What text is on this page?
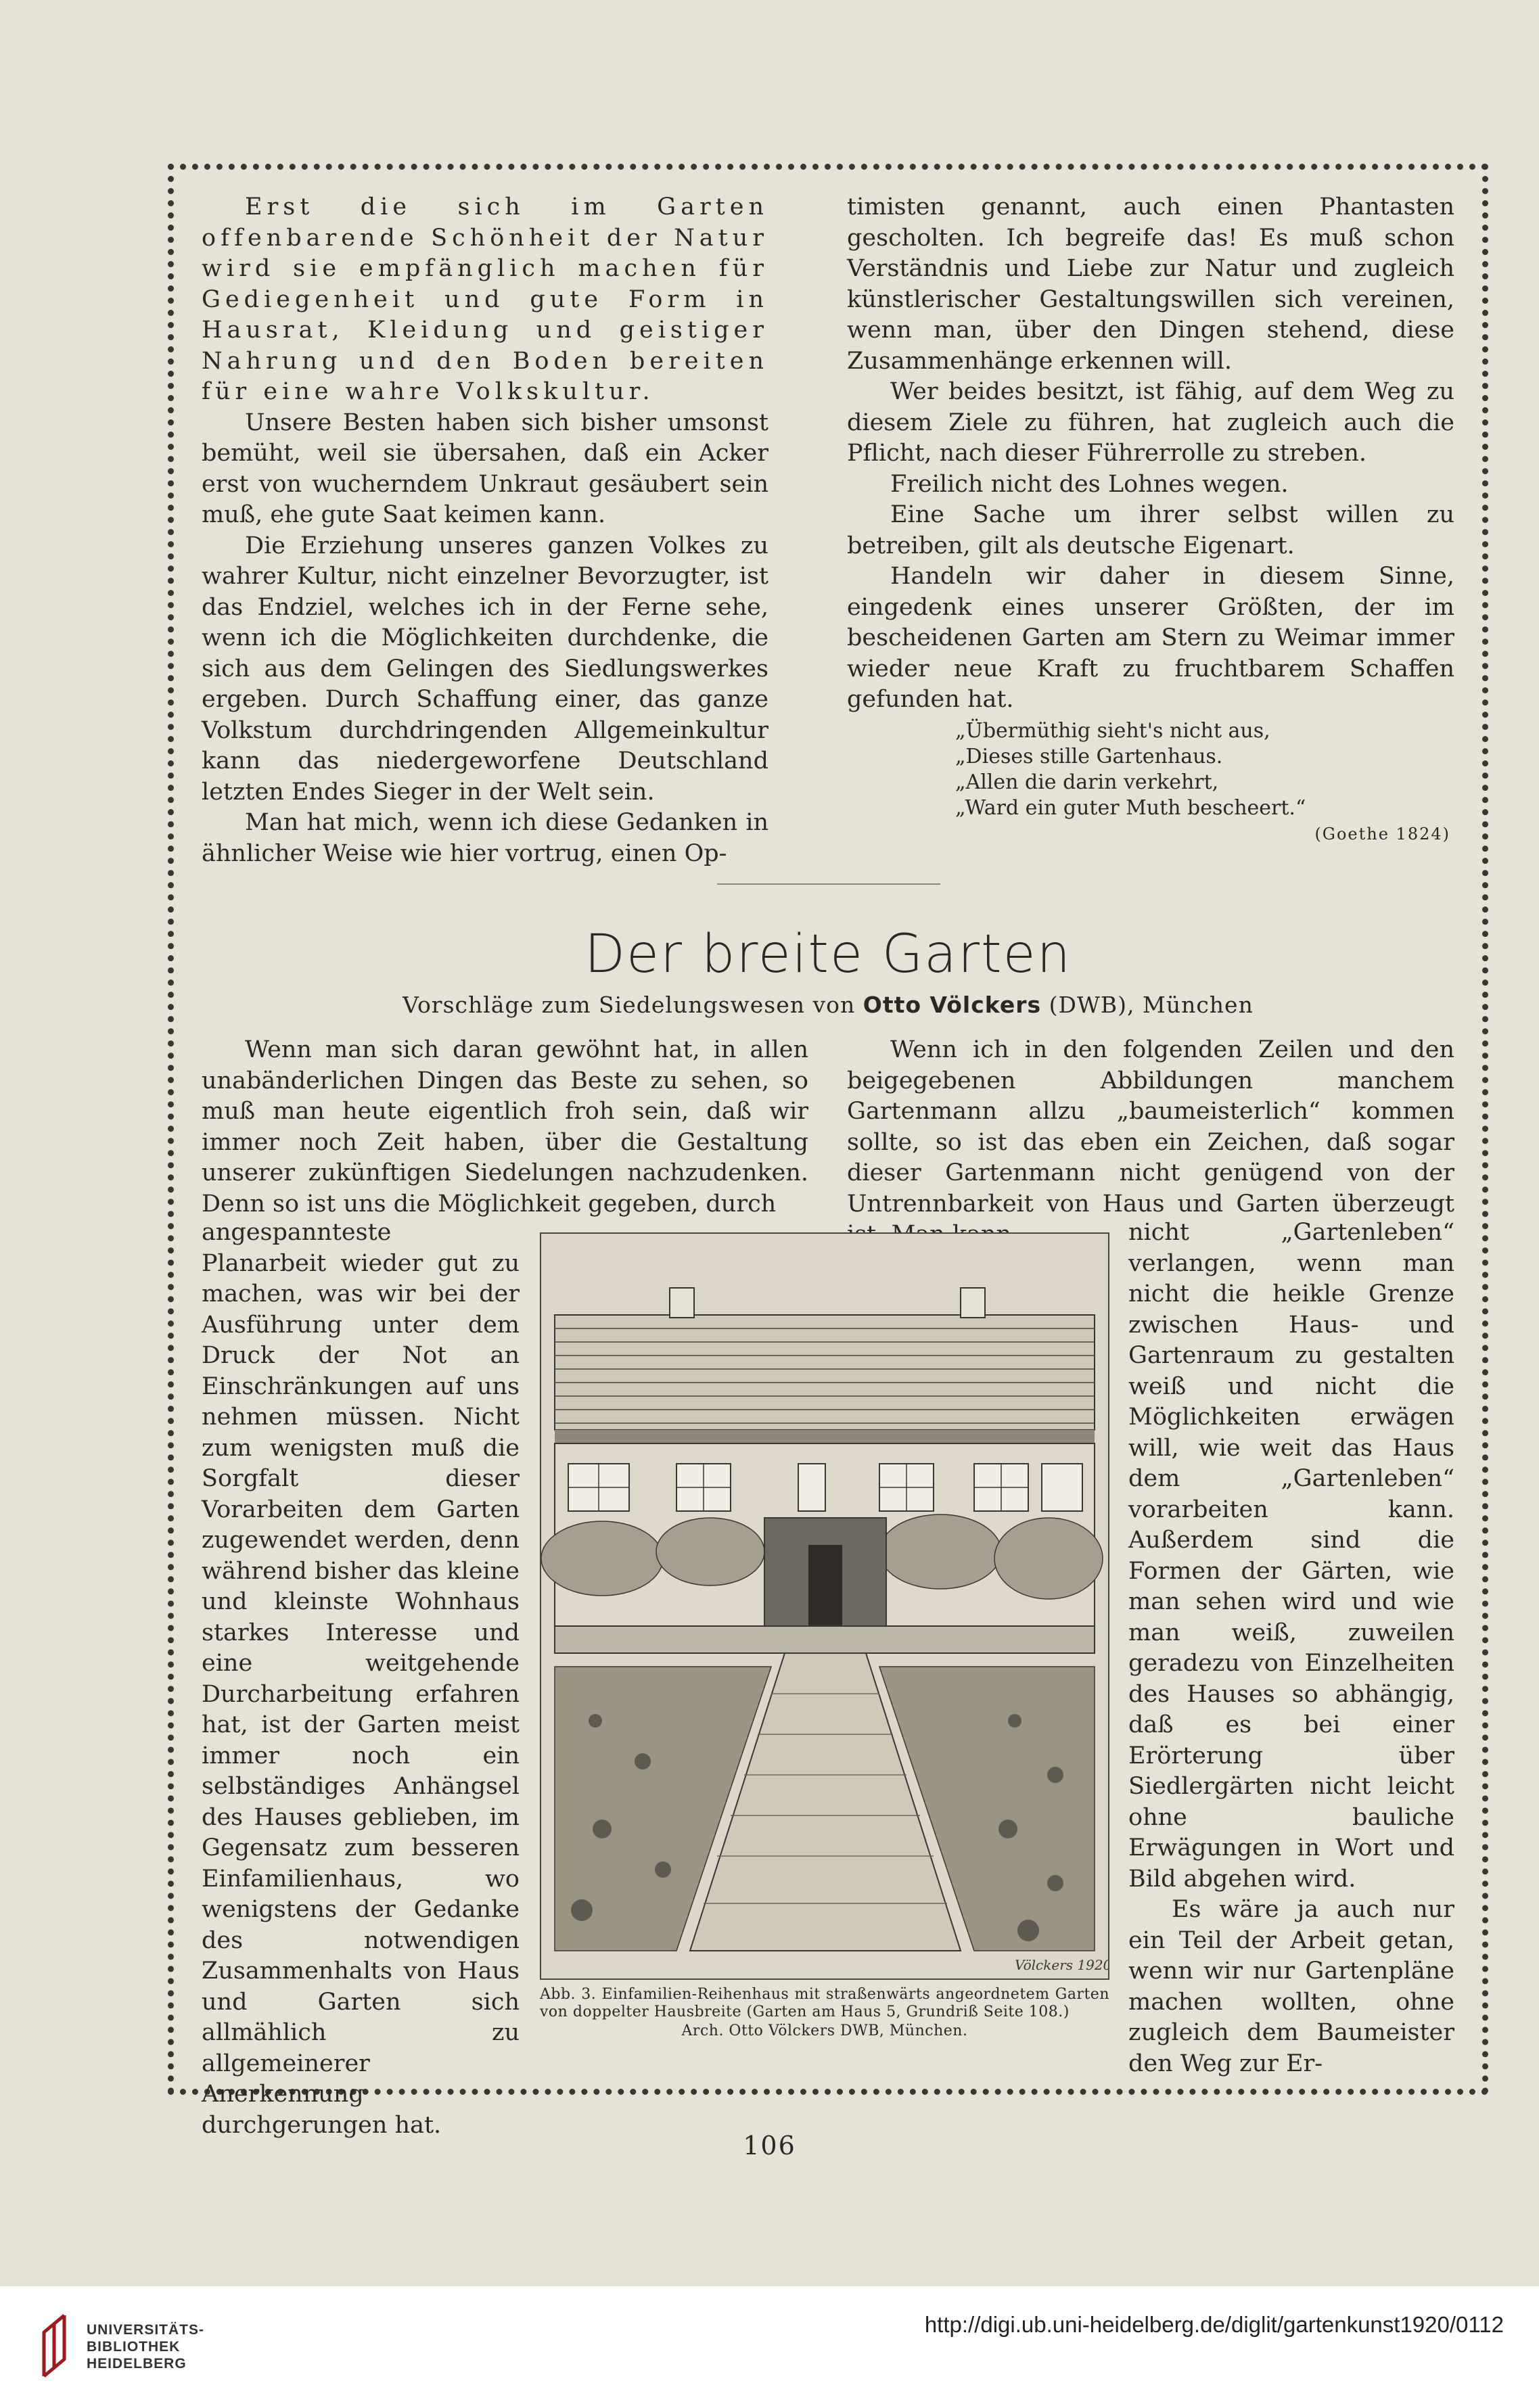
Erst die sich im Garten offenbarende Schönheit der Natur wird sie empfänglich machen für Gediegenheit und gute Form in Hausrat, Kleidung und geistiger Nahrung und den Boden bereiten für eine wahre Volkskultur.

Unsere Besten haben sich bisher umsonst bemüht, weil sie übersahen, daß ein Acker erst von wucherndem Unkraut gesäubert sein muß, ehe gute Saat keimen kann.

Die Erziehung unseres ganzen Volkes zu wahrer Kultur, nicht einzelner Bevorzugter, ist das Endziel, welches ich in der Ferne sehe, wenn ich die Möglichkeiten durchdenke, die sich aus dem Gelingen des Siedlungswerkes ergeben. Durch Schaffung einer, das ganze Volkstum durchdringenden Allgemeinkultur kann das niedergeworfene Deutschland letzten Endes Sieger in der Welt sein.

Man hat mich, wenn ich diese Gedanken in ähnlicher Weise wie hier vortrug, einen Op-

timisten genannt, auch einen Phantasten gescholten. Ich begreife das! Es muß schon Verständnis und Liebe zur Natur und zugleich künstlerischer Gestaltungswillen sich vereinen, wenn man, über den Dingen stehend, diese Zusammenhänge erkennen will.

Wer beides besitzt, ist fähig, auf dem Weg zu diesem Ziele zu führen, hat zugleich auch die Pflicht, nach dieser Führerrolle zu streben.

Freilich nicht des Lohnes wegen.

Eine Sache um ihrer selbst willen zu betreiben, gilt als deutsche Eigenart.

Handeln wir daher in diesem Sinne, eingedenk eines unserer Größten, der im bescheidenen Garten am Stern zu Weimar immer wieder neue Kraft zu fruchtbarem Schaffen gefunden hat.

„Übermüthig sieht's nicht aus,
„Dieses stille Gartenhaus.
„Allen die darin verkehrt,
„Ward ein guter Muth bescheert.“
(Goethe 1824)
Der breite Garten
Vorschläge zum Siedelungswesen von Otto Völckers (DWB), München

Wenn man sich daran gewöhnt hat, in allen unabänderlichen Dingen das Beste zu sehen, so muß man heute eigentlich froh sein, daß wir immer noch Zeit haben, über die Gestaltung unserer zukünftigen Siedelungen nachzudenken. Denn so ist uns die Möglichkeit gegeben, durch

Wenn ich in den folgenden Zeilen und den beigegebenen Abbildungen manchem Gartenmann allzu „baumeisterlich“ kommen sollte, so ist das eben ein Zeichen, daß sogar dieser Gartenmann nicht genügend von der Untrennbarkeit von Haus und Garten überzeugt

angespannteste Planarbeit wieder gut zu machen, was wir bei der Ausführung unter dem Druck der Not an Einschränkungen auf uns nehmen müssen. Nicht zum wenigsten muß die Sorgfalt dieser Vorarbeiten dem Garten zugewendet werden, denn während bisher das kleine und kleinste Wohnhaus starkes Interesse und eine weitgehende Durcharbeitung erfahren hat, ist der Garten meist immer noch ein selbständiges Anhängsel des Hauses geblieben, im Gegensatz zum besseren Einfamilienhaus, wo wenigstens der Gedanke des notwendigen Zusammenhalts von Haus und Garten sich allmählich zu allgemeinerer Anerkennung durchgerungen hat.

nicht „Gartenleben“ verlangen, wenn man nicht die heikle Grenze zwischen Haus- und Gartenraum zu gestalten weiß und nicht die Möglichkeiten erwägen will, wie weit das Haus dem „Gartenleben“ vorarbeiten kann. Außerdem sind die Formen der Gärten, wie man sehen wird und wie man weiß, zuweilen geradezu von Einzelheiten des Hauses so abhängig, daß es bei einer Erörterung über Siedlergärten nicht leicht ohne bauliche Erwägungen in Wort und Bild abgehen wird.

Es wäre ja auch nur ein Teil der Arbeit getan, wenn wir nur Gartenpläne machen wollten, ohne zugleich dem Baumeister den Weg zur Er-

Völckers 1920
Abb. 3. Einfamilien-Reihenhaus mit straßenwärts angeordnetem Garten von doppelter Hausbreite (Garten am Haus 5, Grundriß Seite 108.)
Arch. Otto Völckers DWB, München.
106
UNIVERSITÄTS-
BIBLIOTHEK
HEIDELBERG
http://digi.ub.uni-heidelberg.de/diglit/gartenkunst1920/0112
